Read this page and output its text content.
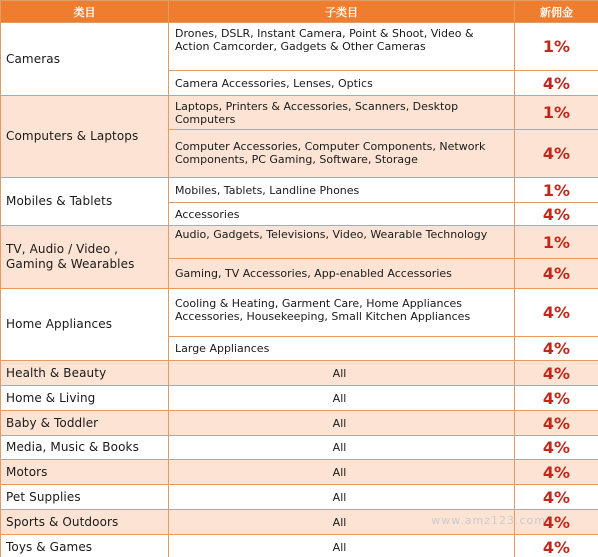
类目	子类目	新佣金
Cameras	Drones, DSLR, Instant Camera, Point & Shoot, Video & Action Camcorder, Gadgets & Other Cameras	1%
	Camera Accessories, Lenses, Optics	4%
Computers & Laptops	Laptops, Printers & Accessories, Scanners, Desktop Computers	1%
	Computer Accessories, Computer Components, Network Components, PC Gaming, Software, Storage	4%
Mobiles & Tablets	Mobiles, Tablets, Landline Phones	1%
	Accessories	4%
TV, Audio / Video , Gaming & Wearables	Audio, Gadgets, Televisions, Video, Wearable Technology	1%
	Gaming, TV Accessories, App-enabled Accessories	4%
Home Appliances	Cooling & Heating, Garment Care, Home Appliances Accessories, Housekeeping, Small Kitchen Appliances	4%
	Large Appliances	4%
Health & Beauty	All	4%
Home & Living	All	4%
Baby & Toddler	All	4%
Media, Music & Books	All	4%
Motors	All	4%
Pet Supplies	All	4%
Sports & Outdoors	All	4%
Toys & Games	All	4%
www.amz123.com
